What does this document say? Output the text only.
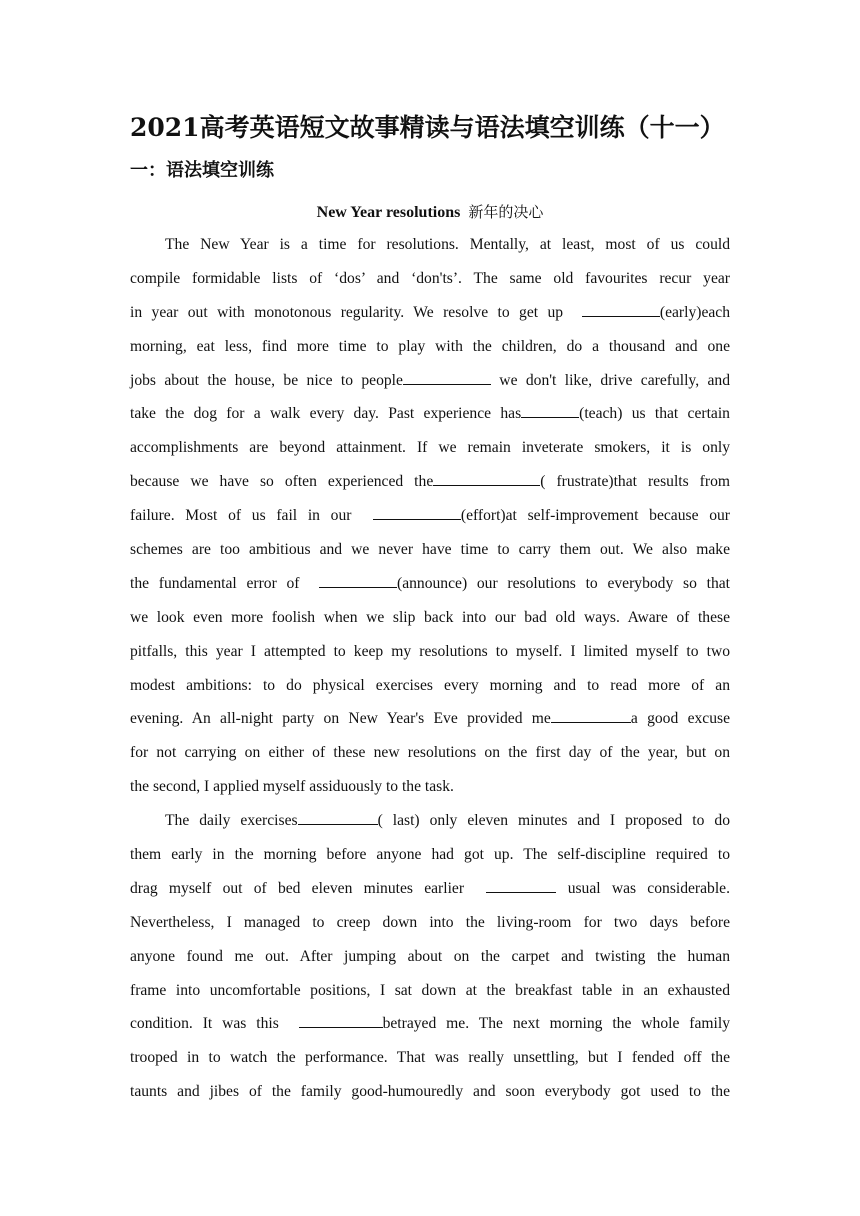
2021高考英语短文故事精读与语法填空训练（十一）
一：语法填空训练
New Year resolutions 新年的决心
The New Year is a time for resolutions. Mentally, at least, most of us could
compile formidable lists of ‘dos’ and ‘don'ts’. The same old favourites recur year
in year out with monotonous regularity. We resolve to get up	(early)each
morning, eat less, find more time to play with the children, do a thousand and one
jobs about the house, be nice to people	we don't like, drive carefully, and
take the dog for a walk every day. Past experience has	(teach) us that certain
accomplishments are beyond attainment. If we remain inveterate smokers, it is only
because we have so often experienced the	( frustrate)that results from
failure. Most of us fail in our	(effort)at self-improvement because our
schemes are too ambitious and we never have time to carry them out. We also make
the fundamental error of	(announce) our resolutions to everybody so that
we look even more foolish when we slip back into our bad old ways. Aware of these
pitfalls, this year I attempted to keep my resolutions to myself. I limited myself to two
modest ambitions: to do physical exercises every morning and to read more of an
evening. An all-night party on New Year's Eve provided me	a good excuse
for not carrying on either of these new resolutions on the first day of the year, but on
the second, I applied myself assiduously to the task.
The daily exercises	( last) only eleven minutes and I proposed to do
them early in the morning before anyone had got up. The self-discipline required to
drag myself out of bed eleven minutes earlier	usual was considerable.
Nevertheless, I managed to creep down into the living-room for two days before
anyone found me out. After jumping about on the carpet and twisting the human
frame into uncomfortable positions, I sat down at the breakfast table in an exhausted
condition. It was this	betrayed me. The next morning the whole family
trooped in to watch the performance. That was really unsettling, but I fended off the
taunts and jibes of the family good-humouredly and soon everybody got used to the
